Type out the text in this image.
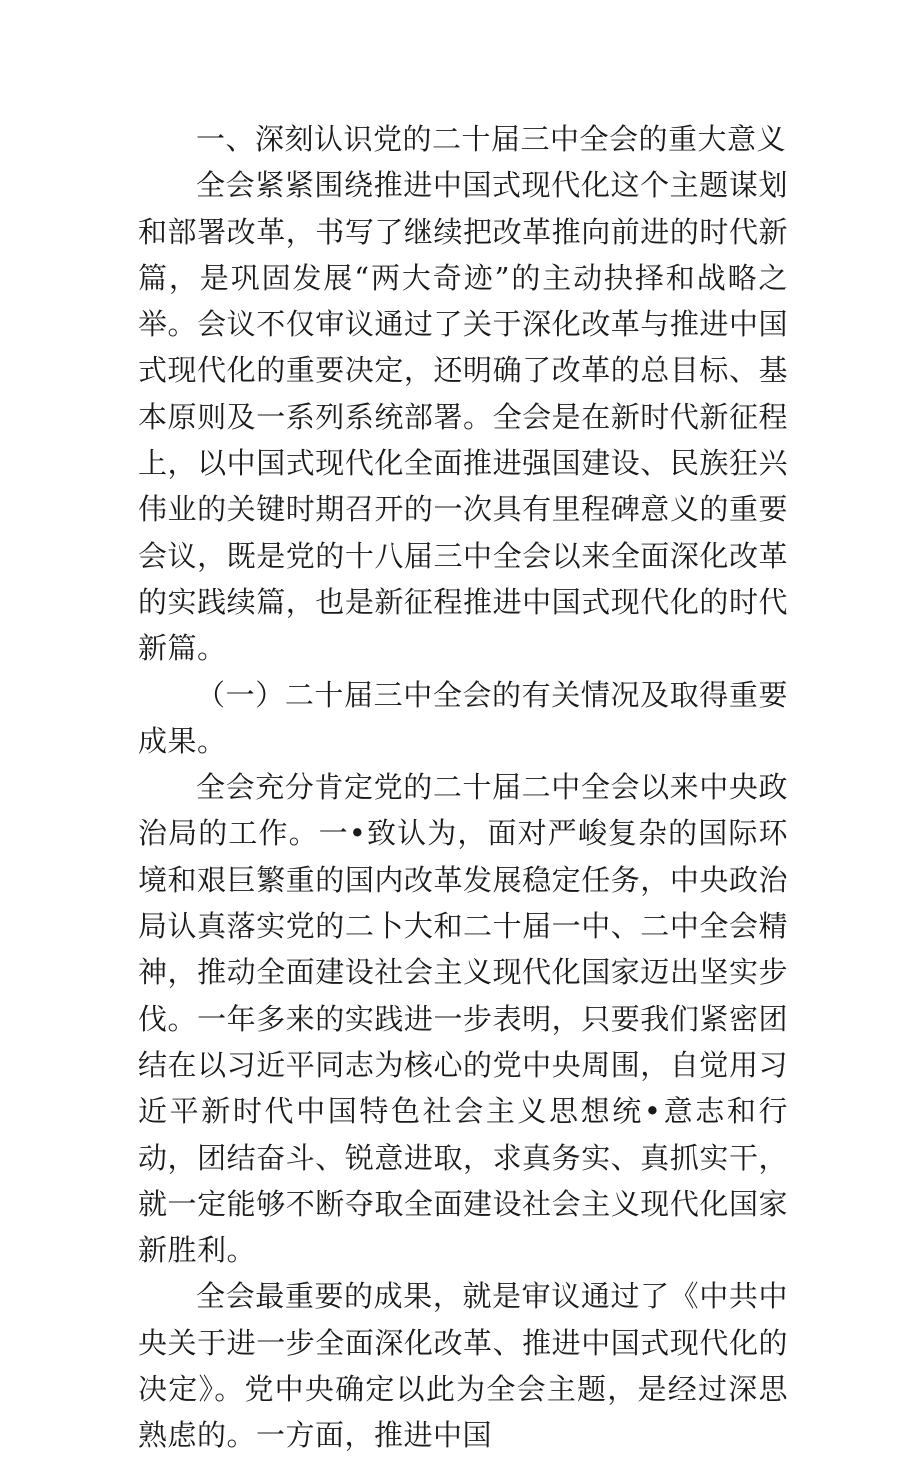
一、深刻认识党的二十届三中全会的重大意义

全会紧紧围绕推进中国式现代化这个主题谋划和部署改革，书写了继续把改革推向前进的时代新篇，是巩固发展“两大奇迹”的主动抉择和战略之举。会议不仅审议通过了关于深化改革与推进中国式现代化的重要决定，还明确了改革的总目标、基本原则及一系列系统部署。全会是在新时代新征程上，以中国式现代化全面推进强国建设、民族狂兴伟业的关键时期召开的一次具有里程碑意义的重要会议，既是党的十八届三中全会以来全面深化改革的实践续篇，也是新征程推进中国式现代化的时代新篇。

（一）二十届三中全会的有关情况及取得重要成果。

全会充分肯定党的二十届二中全会以来中央政治局的工作。一•致认为，面对严峻复杂的国际环境和艰巨繁重的国内改革发展稳定任务，中央政治局认真落实党的二卜大和二十届一中、二中全会精神，推动全面建设社会主义现代化国家迈出坚实步伐。一年多来的实践进一步表明，只要我们紧密团结在以习近平同志为核心的党中央周围，自觉用习近平新时代中国特色社会主义思想统•意志和行动，团结奋斗、锐意进取，求真务实、真抓实干，就一定能够不断夺取全面建设社会主义现代化国家新胜利。

全会最重要的成果，就是审议通过了《中共中央关于进一步全面深化改革、推进中国式现代化的决定》。党中央确定以此为全会主题，是经过深思熟虑的。一方面，推进中国
